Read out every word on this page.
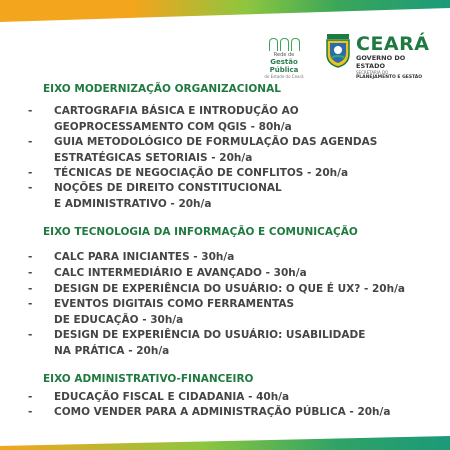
Rede de
Gestão Pública
do Estado do Ceará
CEARÁ
GOVERNO DO ESTADO
SECRETARIA DO
PLANEJAMENTO E GESTÃO
EIXO MODERNIZAÇÃO ORGANIZACIONAL
- CARTOGRAFIA BÁSICA E INTRODUÇÃO AO
GEOPROCESSAMENTO COM QGIS - 80h/a
- GUIA METODOLÓGICO DE FORMULAÇÃO DAS AGENDAS
ESTRATÉGICAS SETORIAIS - 20h/a
- TÉCNICAS DE NEGOCIAÇÃO DE CONFLITOS - 20h/a
- NOÇÕES DE DIREITO CONSTITUCIONAL
E ADMINISTRATIVO - 20h/a
EIXO TECNOLOGIA DA INFORMAÇÃO E COMUNICAÇÃO
- CALC PARA INICIANTES - 30h/a
- CALC INTERMEDIÁRIO E AVANÇADO - 30h/a
- DESIGN DE EXPERIÊNCIA DO USUÁRIO: O QUE É UX? - 20h/a
- EVENTOS DIGITAIS COMO FERRAMENTAS
DE EDUCAÇÃO - 30h/a
- DESIGN DE EXPERIÊNCIA DO USUÁRIO: USABILIDADE
NA PRÁTICA - 20h/a
EIXO ADMINISTRATIVO-FINANCEIRO
- EDUCAÇÃO FISCAL E CIDADANIA - 40h/a
- COMO VENDER PARA A ADMINISTRAÇÃO PÚBLICA - 20h/a
